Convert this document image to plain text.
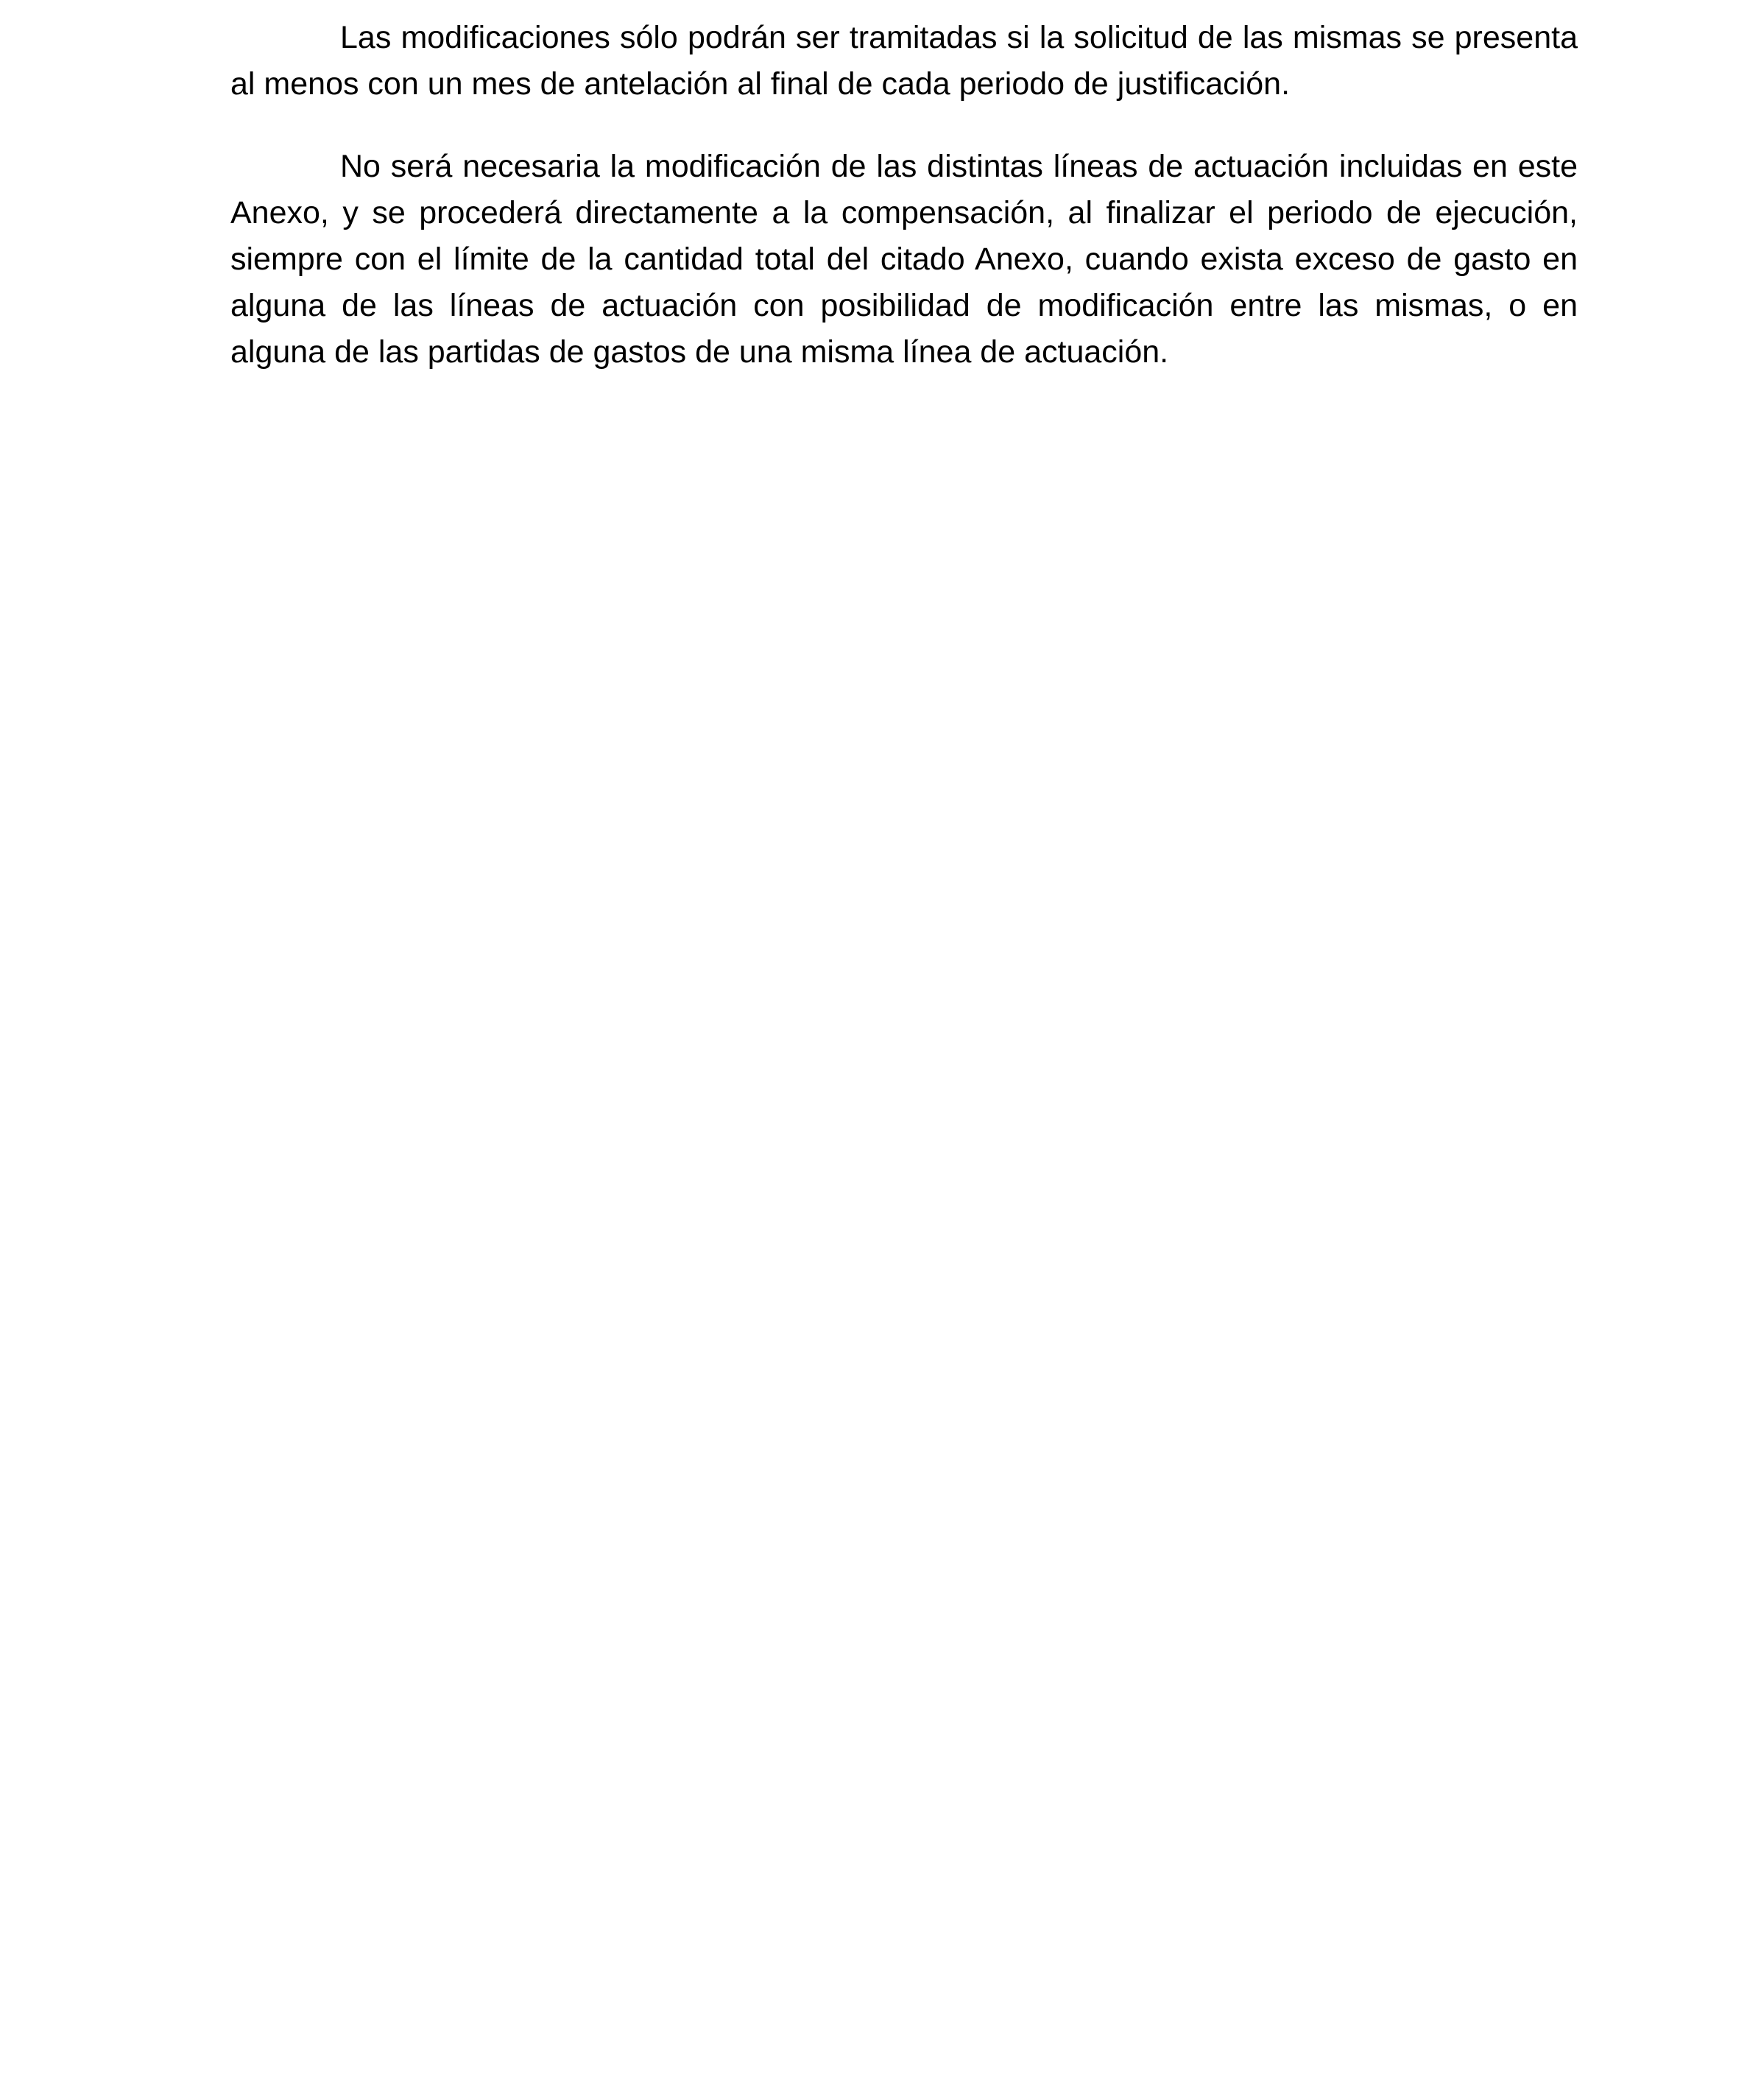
Las modificaciones sólo podrán ser tramitadas si la solicitud de las mismas se presenta al menos con un mes de antelación al final de cada periodo de justificación.

No será necesaria la modificación de las distintas líneas de actuación incluidas en este Anexo, y se procederá directamente a la compensación, al finalizar el periodo de ejecución, siempre con el límite de la cantidad total del citado Anexo, cuando exista exceso de gasto en alguna de las líneas de actuación con posibilidad de modificación entre las mismas, o en alguna de las partidas de gastos de una misma línea de actuación.
